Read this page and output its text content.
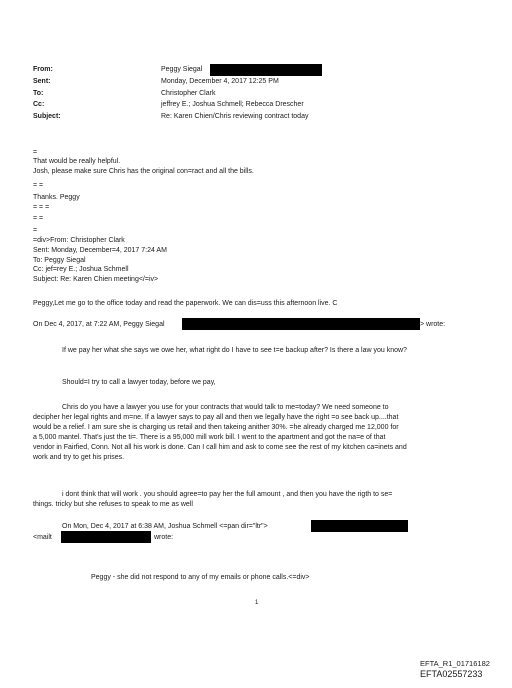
From:	Peggy Siegal
Sent:	Monday, December 4, 2017 12:25 PM
To:	Christopher Clark
Cc:	jeffrey E.; Joshua Schmell; Rebecca Drescher
Subject:	Re: Karen Chien/Chris reviewing contract today
=
That would be really helpful.
Josh, please make sure Chris has the original con=ract and all the bills.
= =
Thanks. Peggy
= = =
= =
=
=div>From: Christopher Clark
Sent: Monday, December=4, 2017 7:24 AM
To: Peggy Siegal
Cc: jef=rey E.; Joshua Schmell
Subject: Re: Karen Chien meeting</=iv>
Peggy,Let me go to the office today and read the paperwork. We can dis=uss this afternoon live. C
On Dec 4, 2017, at 7:22 AM, Peggy Siegal	> wrote:
If we pay her what she says we owe her, what right do I have to see t=e backup after? Is there a law you know?
Should=I try to call a lawyer today, before we pay,
Chris do you have a lawyer you use for your contracts that would talk to me=today? We need someone to
decipher her legal rights and m=ne. If a lawyer says to pay all and then we legally have the right =o see back up....that
would be a relief. I am sure she is charging us retail and then takeing anither 30%. =he already charged me 12,000 for
a 5,000 mantel. That's just the ti=. There is a 95,000 mill work bill. I went to the apartment and got the na=e of that
vendor in Fairfied, Conn. Not all his work is done. Can I call him and ask to come see the rest of my kitchen ca=inets and
work and try to get his prises.
i dont think that will work . you should agree=to pay her the full amount , and then you have the rigth to se=
things. tricky but she refuses to speak to me as well
On Mon, Dec 4, 2017 at 6:38 AM, Joshua Schmell <=pan dir="ltr">
<mailt	wrote:
Peggy - she did not respond to any of my emails or phone calls.<=div>
1
EFTA_R1_01716182
EFTA02557233
